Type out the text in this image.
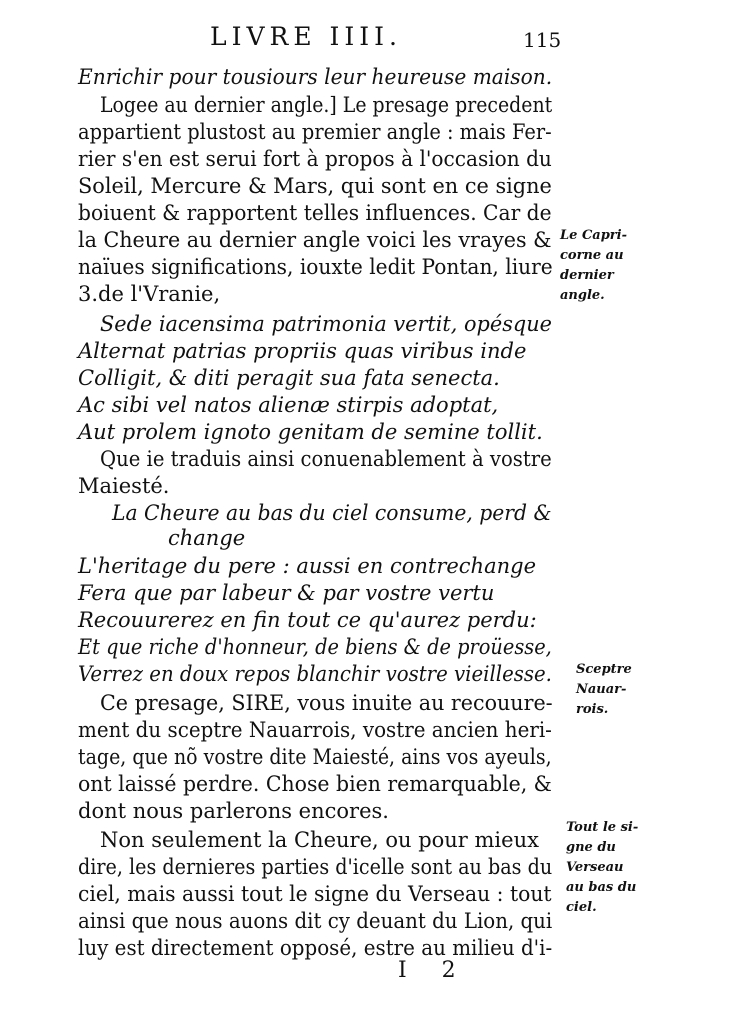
LIVRE IIII.	115
Enrichir pour tousiours leur heureuse maison.
Logee au dernier angle.] Le presage precedent
appartient plustost au premier angle : mais Fer-
rier s'en est serui fort à propos à l'occasion du
Soleil, Mercure & Mars, qui sont en ce signe
boiuent & rapportent telles influences. Car de
la Cheure au dernier angle voici les vrayes &
naïues significations, iouxte ledit Pontan, liure
3.de l'Vranie,
Sede iacensima patrimonia vertit, opésque
Alternat patrias propriis quas viribus inde
Colligit, & diti peragit sua fata senecta.
Ac sibi vel natos alienæ stirpis adoptat,
Aut prolem ignoto genitam de semine tollit.
Que ie traduis ainsi conuenablement à vostre
Maiesté.
La Cheure au bas du ciel consume, perd &
change
L'heritage du pere : aussi en contrechange
Fera que par labeur & par vostre vertu
Recouurerez en fin tout ce qu'aurez perdu:
Et que riche d'honneur, de biens & de proüesse,
Verrez en doux repos blanchir vostre vieillesse.
Ce presage, SIRE, vous inuite au recouure-
ment du sceptre Nauarrois, vostre ancien heri-
tage, que nõ vostre dite Maiesté, ains vos ayeuls,
ont laissé perdre. Chose bien remarquable, &
dont nous parlerons encores.
Non seulement la Cheure, ou pour mieux
dire, les dernieres parties d'icelle sont au bas du
ciel, mais aussi tout le signe du Verseau : tout
ainsi que nous auons dit cy deuant du Lion, qui
luy est directement opposé, estre au milieu d'i-
Le Capri-
corne au
dernier
angle.
Sceptre
Nauar-
rois.
Tout le si-
gne du
Verseau
au bas du
ciel.
I 2
